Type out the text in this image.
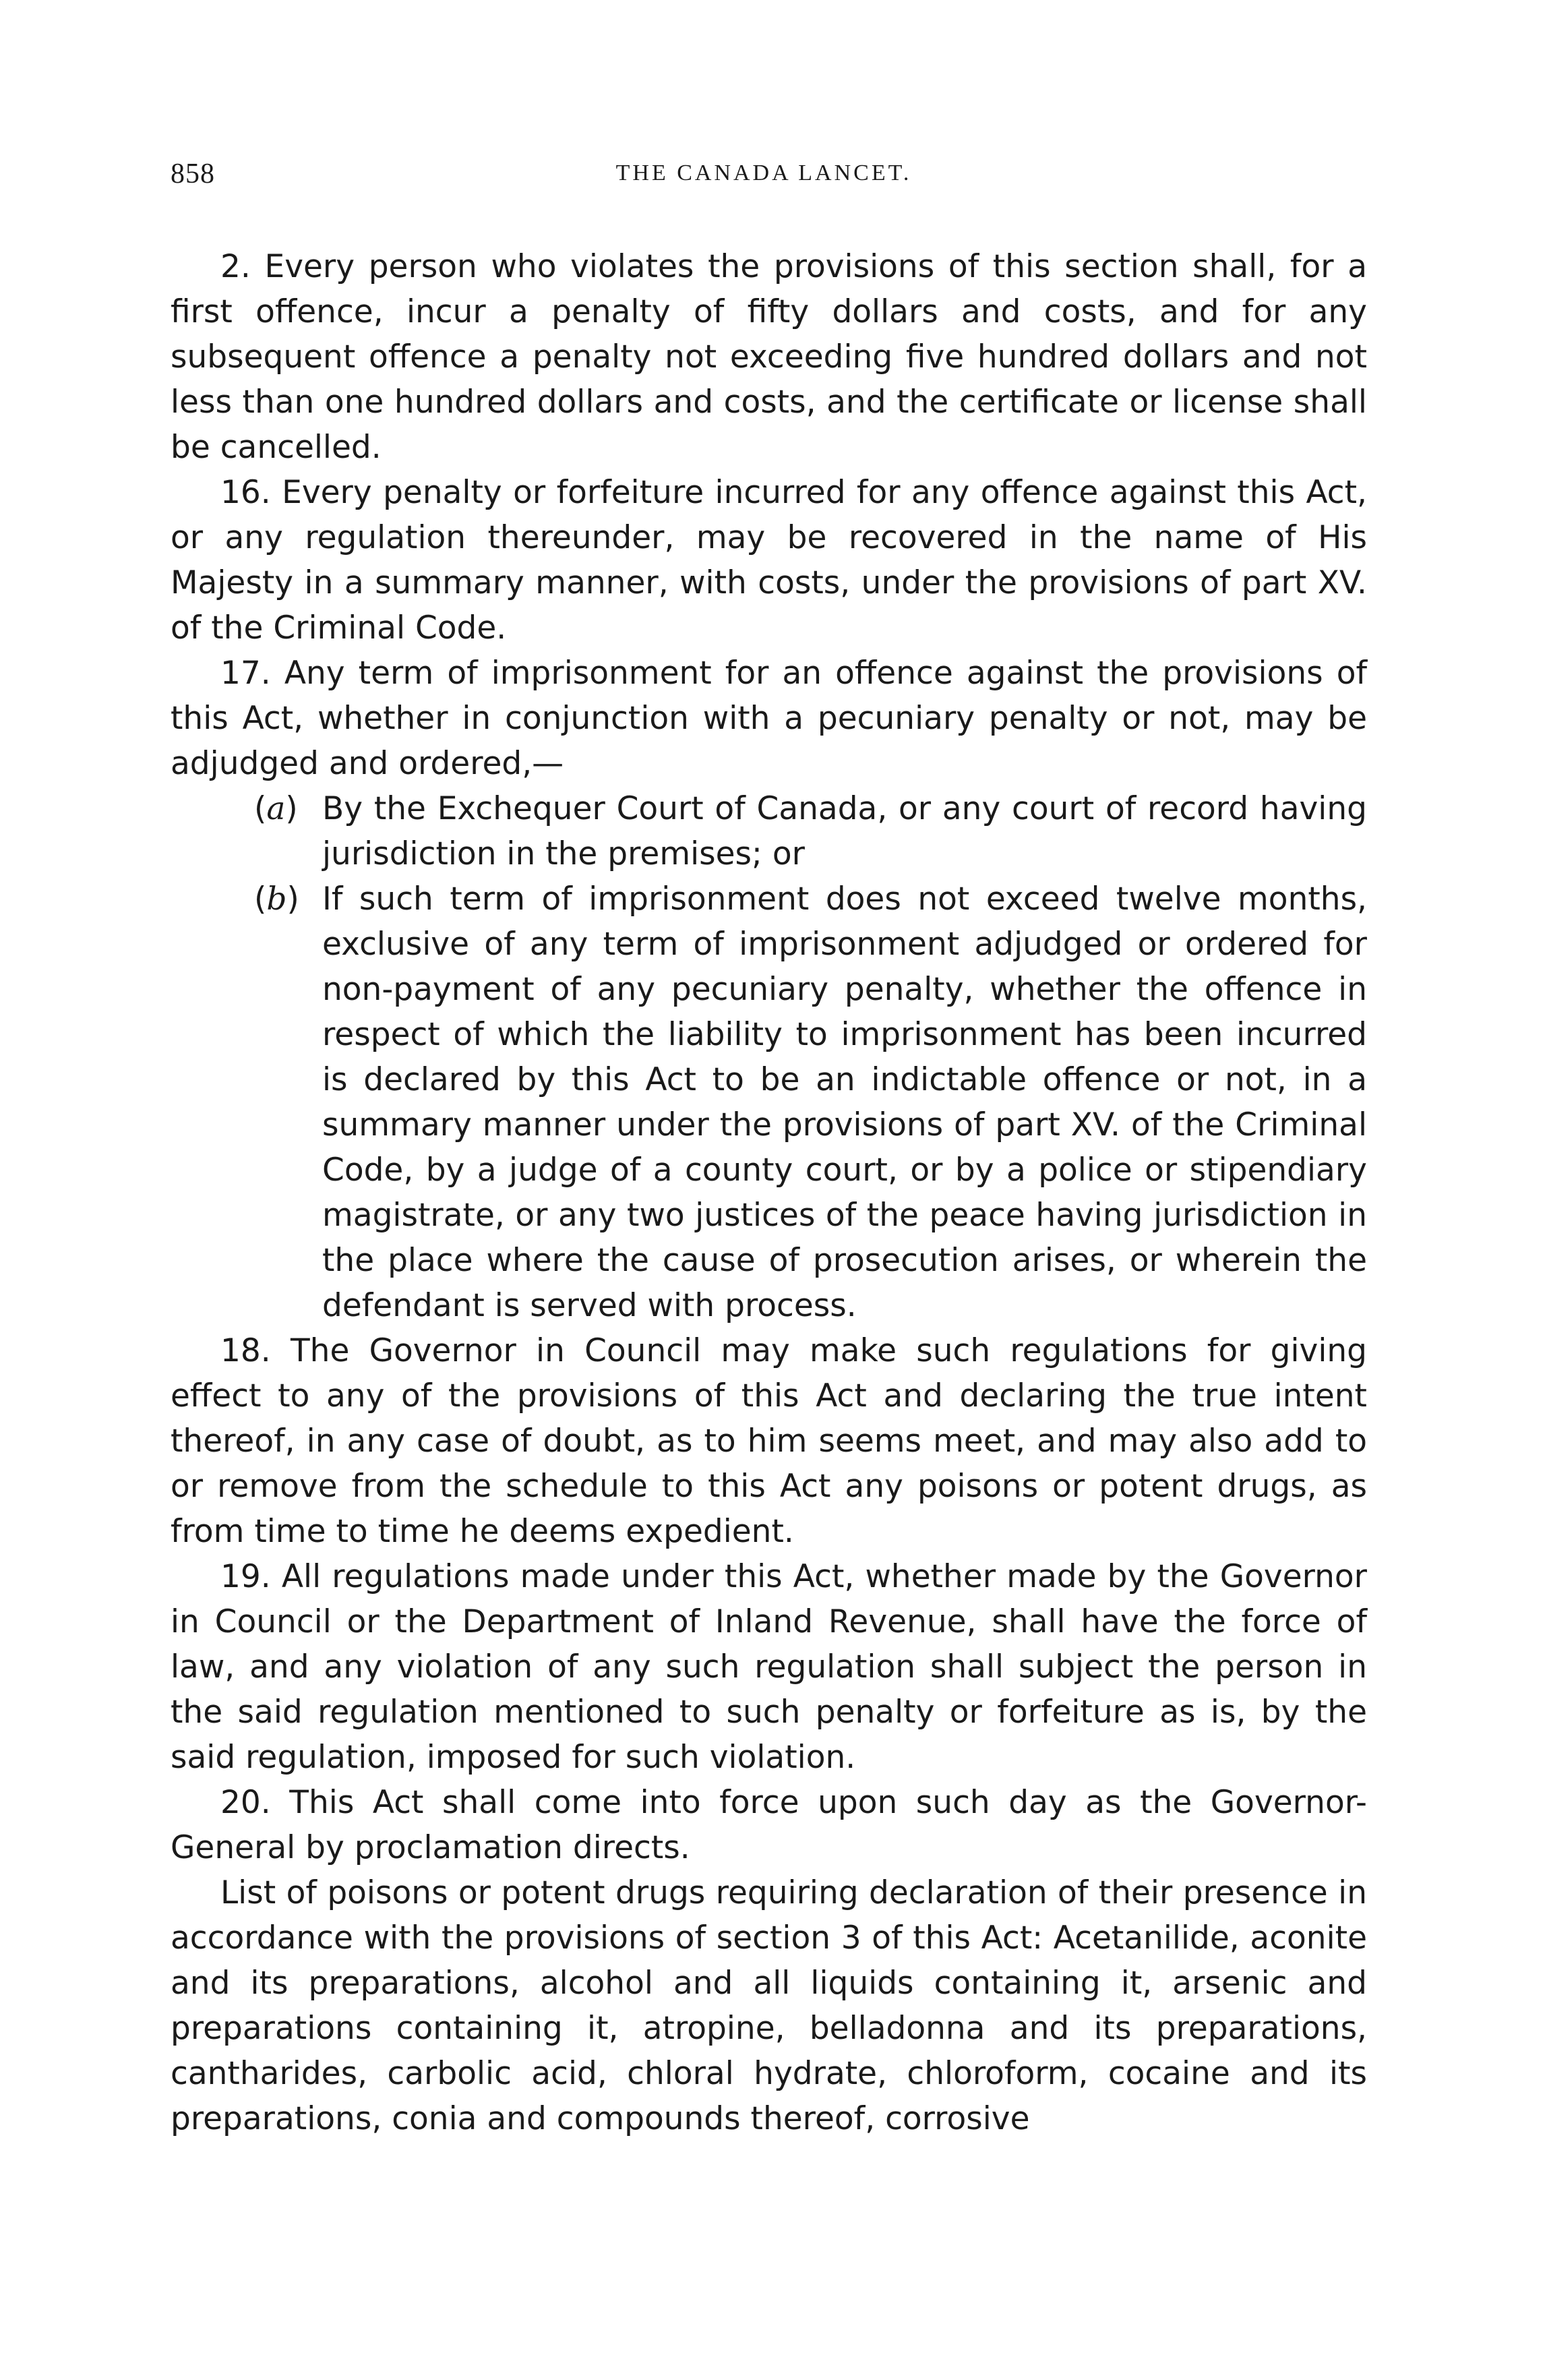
858	THE CANADA LANCET.

2. Every person who violates the provisions of this section shall, for a first offence, incur a penalty of fifty dollars and costs, and for any subsequent offence a penalty not exceeding five hundred dollars and not less than one hundred dollars and costs, and the certificate or license shall be cancelled.

16. Every penalty or forfeiture incurred for any offence against this Act, or any regulation thereunder, may be recovered in the name of His Majesty in a summary manner, with costs, under the provisions of part XV. of the Criminal Code.

17. Any term of imprisonment for an offence against the provisions of this Act, whether in conjunction with a pecuniary penalty or not, may be adjudged and ordered,—

(a) By the Exchequer Court of Canada, or any court of record having jurisdiction in the premises; or
(b) If such term of imprisonment does not exceed twelve months, exclusive of any term of imprisonment adjudged or ordered for non-payment of any pecuniary penalty, whether the offence in respect of which the liability to imprisonment has been incurred is declared by this Act to be an indictable offence or not, in a summary manner under the provisions of part XV. of the Criminal Code, by a judge of a county court, or by a police or stipendiary magistrate, or any two justices of the peace having jurisdiction in the place where the cause of prosecution arises, or wherein the defendant is served with process.

18. The Governor in Council may make such regulations for giving effect to any of the provisions of this Act and declaring the true intent thereof, in any case of doubt, as to him seems meet, and may also add to or remove from the schedule to this Act any poisons or potent drugs, as from time to time he deems expedient.

19. All regulations made under this Act, whether made by the Governor in Council or the Department of Inland Revenue, shall have the force of law, and any violation of any such regulation shall subject the person in the said regulation mentioned to such penalty or forfeiture as is, by the said regulation, imposed for such violation.

20. This Act shall come into force upon such day as the Governor-General by proclamation directs.

List of poisons or potent drugs requiring declaration of their presence in accordance with the provisions of section 3 of this Act: Acetanilide, aconite and its preparations, alcohol and all liquids containing it, arsenic and preparations containing it, atropine, belladonna and its preparations, cantharides, carbolic acid, chloral hydrate, chloroform, cocaine and its preparations, conia and compounds thereof, corrosive
